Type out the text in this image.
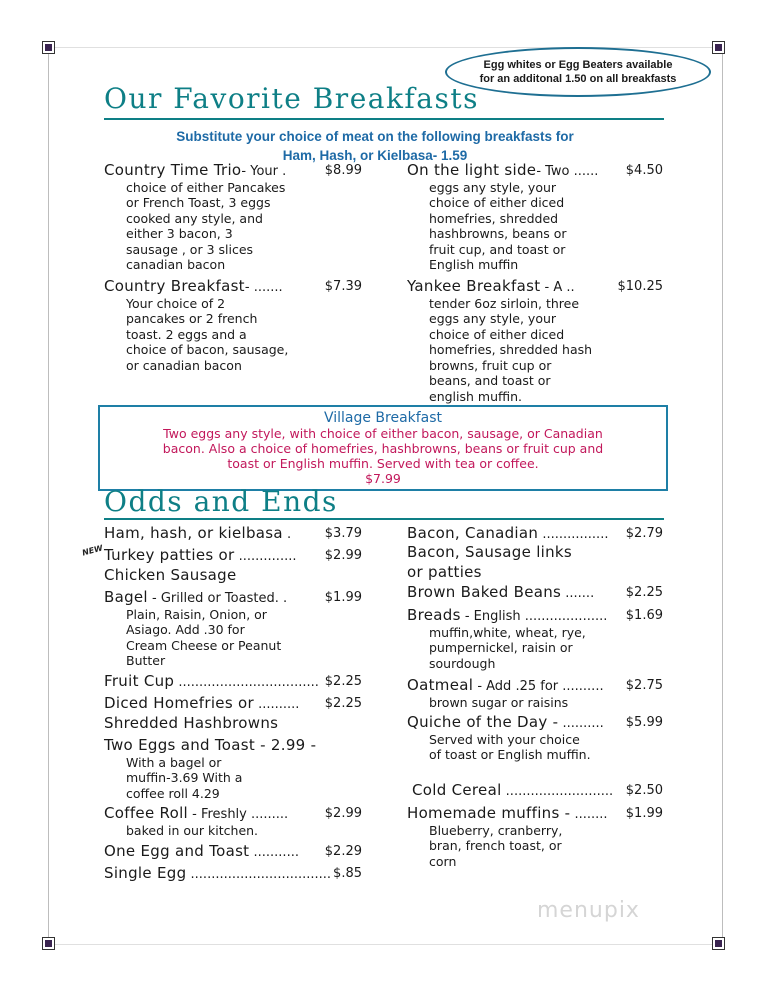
Egg whites or Egg Beaters available
for an additonal 1.50 on all breakfasts
Our Favorite Breakfasts
Substitute your choice of meat on the following breakfasts for
Ham, Hash, or Kielbasa- 1.59
Country Time Trio- Your .	$8.99
choice of either Pancakes
or French Toast, 3 eggs
cooked any style, and
either 3 bacon, 3
sausage , or 3 slices
canadian bacon
Country Breakfast- .......	$7.39
Your choice of 2
pancakes or 2 french
toast. 2 eggs and a
choice of bacon, sausage,
or canadian bacon
On the light side- Two ...... $4.50
eggs any style, your
choice of either diced
homefries, shredded
hashbrowns, beans or
fruit cup, and toast or
English muffin
Yankee Breakfast - A ..	$10.25
tender 6oz sirloin, three
eggs any style, your
choice of either diced
homefries, shredded hash
browns, fruit cup or
beans, and toast or
english muffin.
Village Breakfast
Two eggs any style, with choice of either bacon, sausage, or Canadian
bacon. Also a choice of homefries, hashbrowns, beans or fruit cup and
toast or English muffin. Served with tea or coffee.
$7.99
Odds and Ends
NEW
Ham, hash, or kielbasa .	$3.79
Turkey patties or .............. $2.99
Chicken Sausage
Bagel - Grilled or Toasted. .	$1.99
Plain, Raisin, Onion, or
Asiago. Add .30 for
Cream Cheese or Peanut
Butter
Fruit Cup .................................. $2.25
Diced Homefries or .......... $2.25
Shredded Hashbrowns
Two Eggs and Toast - 2.99 -
With a bagel or
muffin-3.69 With a
coffee roll 4.29
Coffee Roll - Freshly .........	$2.99
baked in our kitchen.
One Egg and Toast ........... $2.29
Single Egg .................................. $.85
Bacon, Canadian ................ $2.79
Bacon, Sausage links
or patties
Brown Baked Beans ....... $2.25
Breads - English .................... $1.69
muffin,white, wheat, rye,
pumpernickel, raisin or
sourdough
Oatmeal - Add .25 for .......... $2.75
brown sugar or raisins
Quiche of the Day - .......... $5.99
Served with your choice
of toast or English muffin.
Cold Cereal .......................... $2.50
Homemade muffins - ........ $1.99
Blueberry, cranberry,
bran, french toast, or
corn
menupix
